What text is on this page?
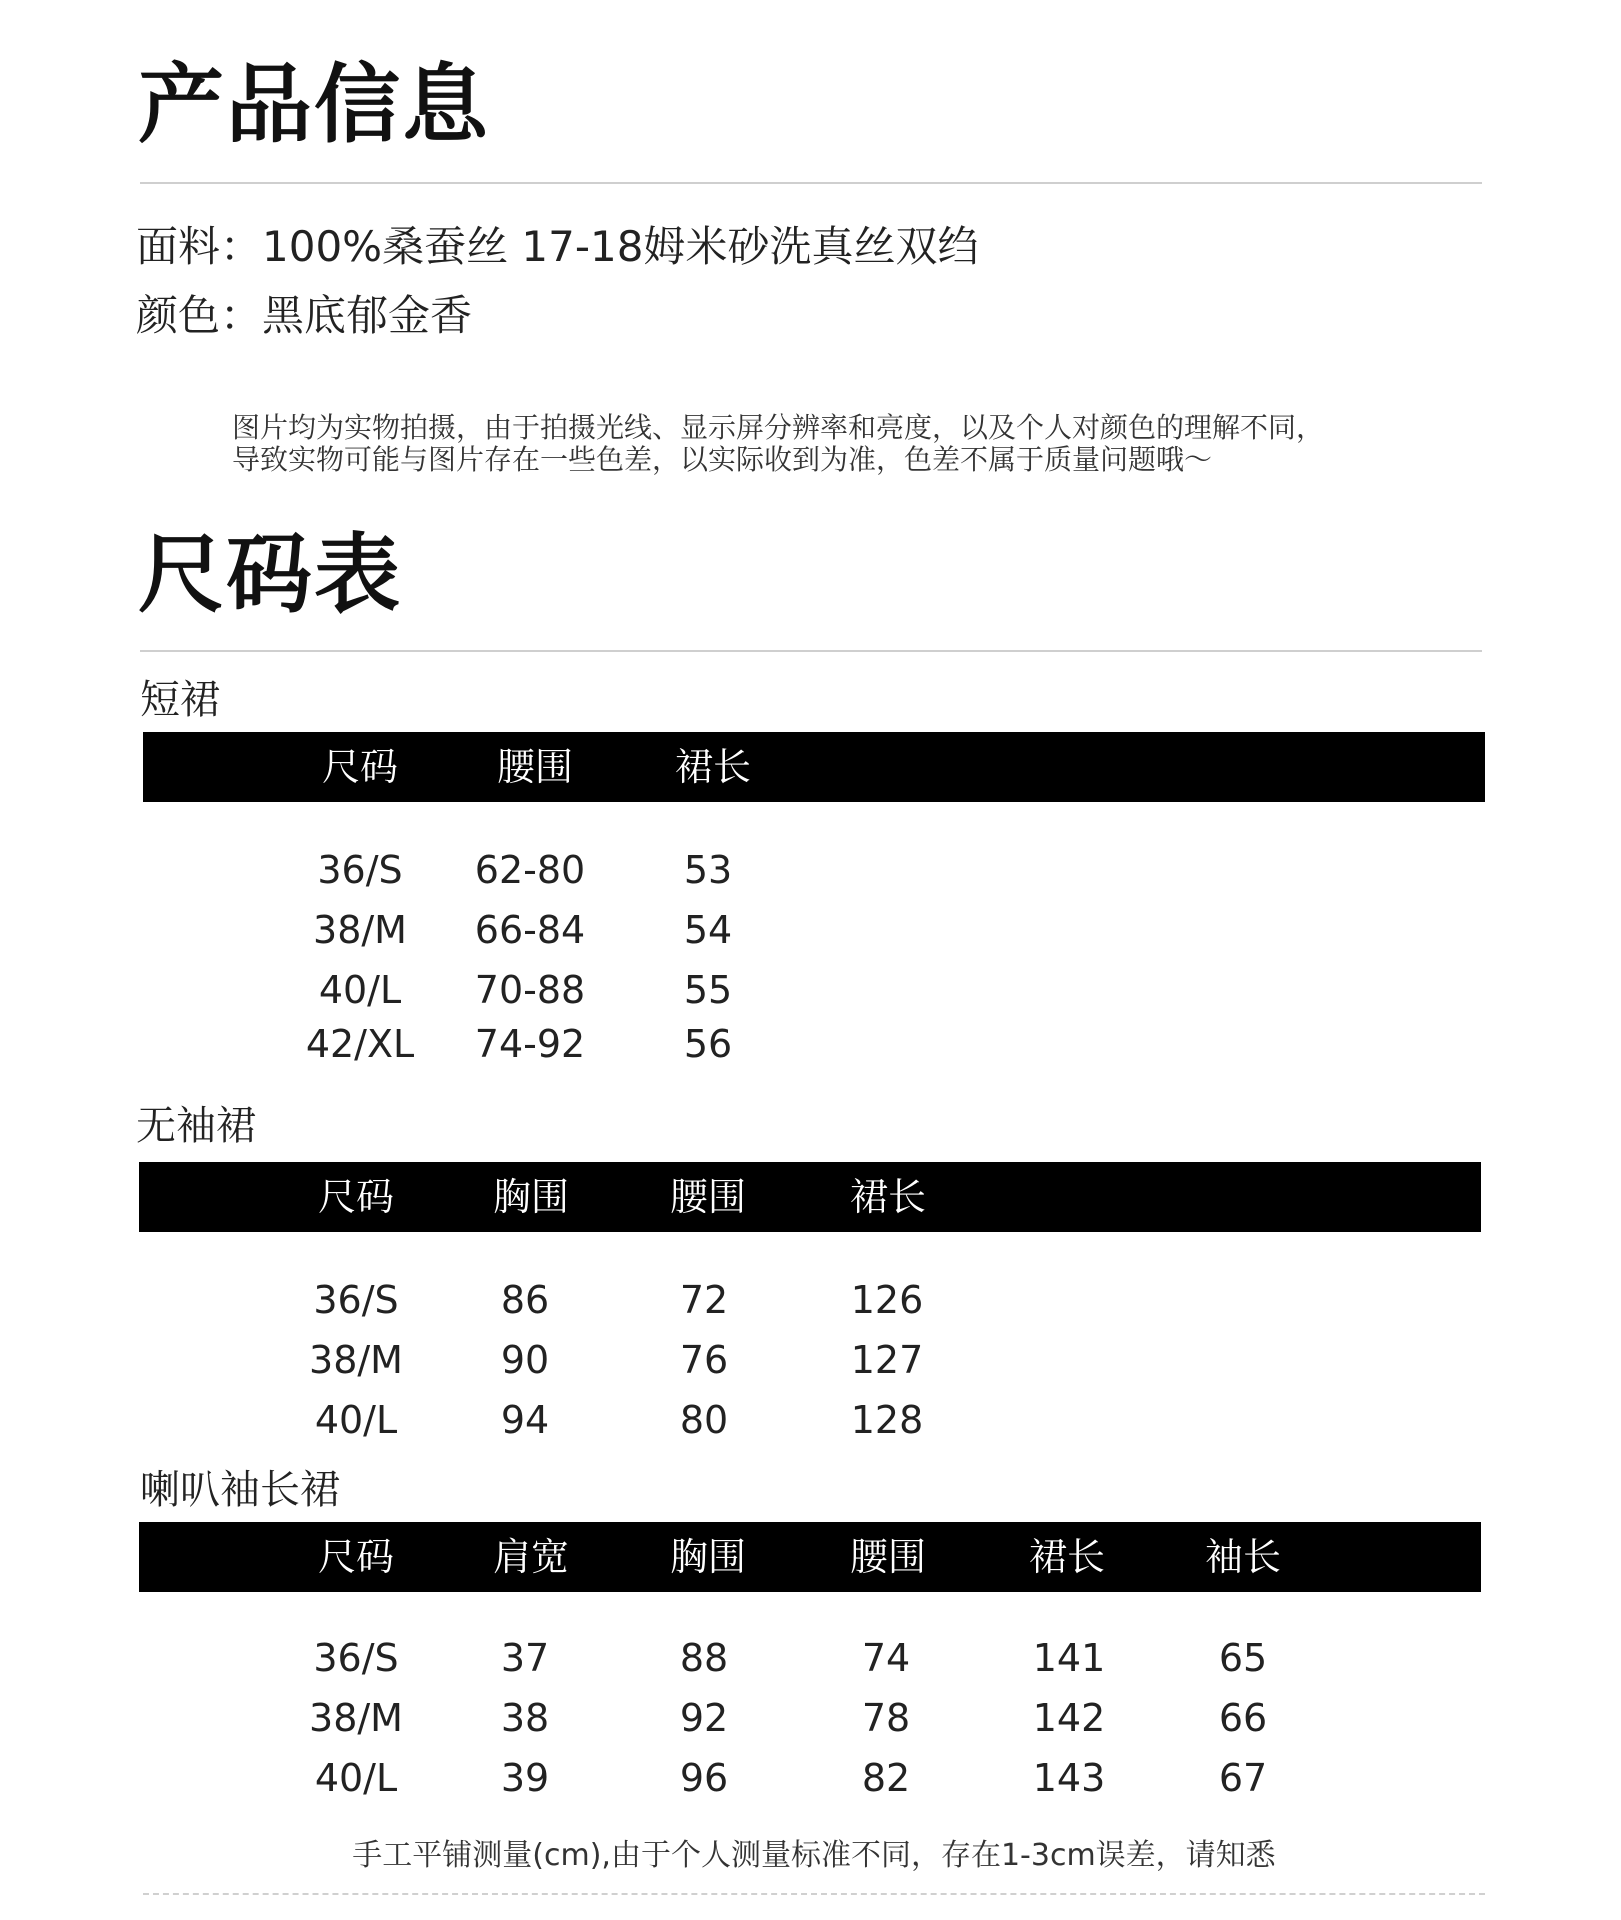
产品信息
面料：100%桑蚕丝 17-18姆米砂洗真丝双绉
颜色：黑底郁金香
图片均为实物拍摄，由于拍摄光线、显示屏分辨率和亮度，以及个人对颜色的理解不同，
导致实物可能与图片存在一些色差，以实际收到为准，色差不属于质量问题哦～
尺码表
短裙
尺码	腰围	裙长
36/S	62-80	53
38/M	66-84	54
40/L	70-88	55
42/XL	74-92	56
无袖裙
尺码	胸围	腰围	裙长
36/S	86	72	126
38/M	90	76	127
40/L	94	80	128
喇叭袖长裙
尺码	肩宽	胸围	腰围	裙长	袖长
36/S	37	88	74	141	65
38/M	38	92	78	142	66
40/L	39	96	82	143	67
手工平铺测量(cm),由于个人测量标准不同，存在1-3cm误差，请知悉
